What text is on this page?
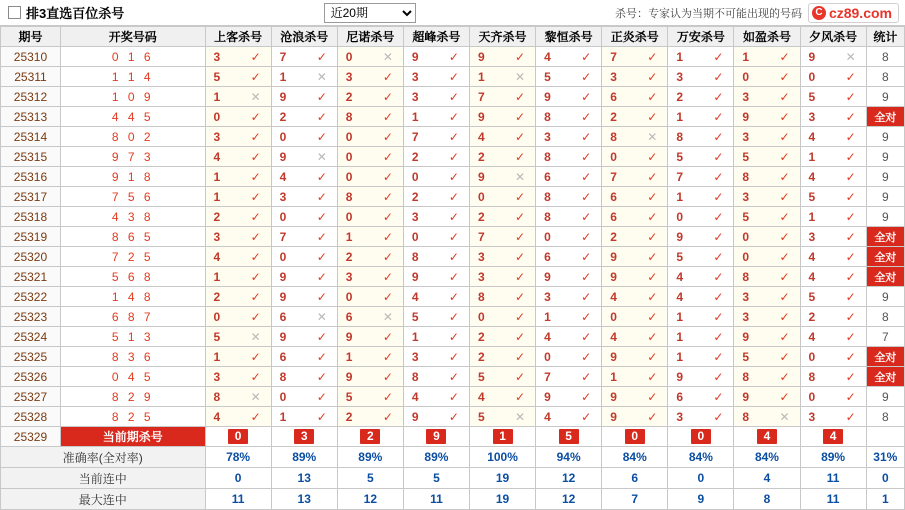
排3直选百位杀号
近20期	杀号：专家认为当期不可能出现的号码	C cz89.com
期号	开奖号码	上客杀号	沧浪杀号	尼诺杀号	超峰杀号	天齐杀号	黎恒杀号	正炎杀号	万安杀号	如盈杀号	夕风杀号	统计
25310	0 1 6	3 ✓	7 ✓	0 ✕	9 ✓	9 ✓	4 ✓	7 ✓	1 ✓	1 ✓	9 ✕	8
25311	1 1 4	5 ✓	1 ✕	3 ✓	3 ✓	1 ✕	5 ✓	3 ✓	3 ✓	0 ✓	0 ✓	8
25312	1 0 9	1 ✕	9 ✓	2 ✓	3 ✓	7 ✓	9 ✓	6 ✓	2 ✓	3 ✓	5 ✓	9
25313	4 4 5	0 ✓	2 ✓	8 ✓	1 ✓	9 ✓	8 ✓	2 ✓	1 ✓	9 ✓	3 ✓	全对
25314	8 0 2	3 ✓	0 ✓	0 ✓	7 ✓	4 ✓	3 ✓	8 ✕	8 ✓	3 ✓	4 ✓	9
25315	9 7 3	4 ✓	9 ✕	0 ✓	2 ✓	2 ✓	8 ✓	0 ✓	5 ✓	5 ✓	1 ✓	9
25316	9 1 8	1 ✓	4 ✓	0 ✓	0 ✓	9 ✕	6 ✓	7 ✓	7 ✓	8 ✓	4 ✓	9
25317	7 5 6	1 ✓	3 ✓	8 ✓	2 ✓	0 ✓	8 ✓	6 ✓	1 ✓	3 ✓	5 ✓	9
25318	4 3 8	2 ✓	0 ✓	0 ✓	3 ✓	2 ✓	8 ✓	6 ✓	0 ✓	5 ✓	1 ✓	9
25319	8 6 5	3 ✓	7 ✓	1 ✓	0 ✓	7 ✓	0 ✓	2 ✓	9 ✓	0 ✓	3 ✓	全对
25320	7 2 5	4 ✓	0 ✓	2 ✓	8 ✓	3 ✓	6 ✓	9 ✓	5 ✓	0 ✓	4 ✓	全对
25321	5 6 8	1 ✓	9 ✓	3 ✓	9 ✓	3 ✓	9 ✓	9 ✓	4 ✓	8 ✓	4 ✓	全对
25322	1 4 8	2 ✓	9 ✓	0 ✓	4 ✓	8 ✓	3 ✓	4 ✓	4 ✓	3 ✓	5 ✓	9
25323	6 8 7	0 ✓	6 ✕	6 ✕	5 ✓	0 ✓	1 ✓	0 ✓	1 ✓	3 ✓	2 ✓	8
25324	5 1 3	5 ✕	9 ✓	9 ✓	1 ✓	2 ✓	4 ✓	4 ✓	1 ✓	9 ✓	4 ✓	7
25325	8 3 6	1 ✓	6 ✓	1 ✓	3 ✓	2 ✓	0 ✓	9 ✓	1 ✓	5 ✓	0 ✓	全对
25326	0 4 5	3 ✓	8 ✓	9 ✓	8 ✓	5 ✓	7 ✓	1 ✓	9 ✓	8 ✓	8 ✓	全对
25327	8 2 9	8 ✕	0 ✓	5 ✓	4 ✓	4 ✓	9 ✓	9 ✓	6 ✓	9 ✓	0 ✓	9
25328	8 2 5	4 ✓	1 ✓	2 ✓	9 ✓	5 ✕	4 ✓	9 ✓	3 ✓	8 ✕	3 ✓	8
25329	当前期杀号	0	3	2	9	1	5	0	0	4	4	
准确率(全对率)		78%	89%	89%	89%	100%	94%	84%	84%	84%	89%	31%
当前连中		0	13	5	5	19	12	6	0	4	11	0
最大连中		11	13	12	11	19	12	7	9	8	11	1
